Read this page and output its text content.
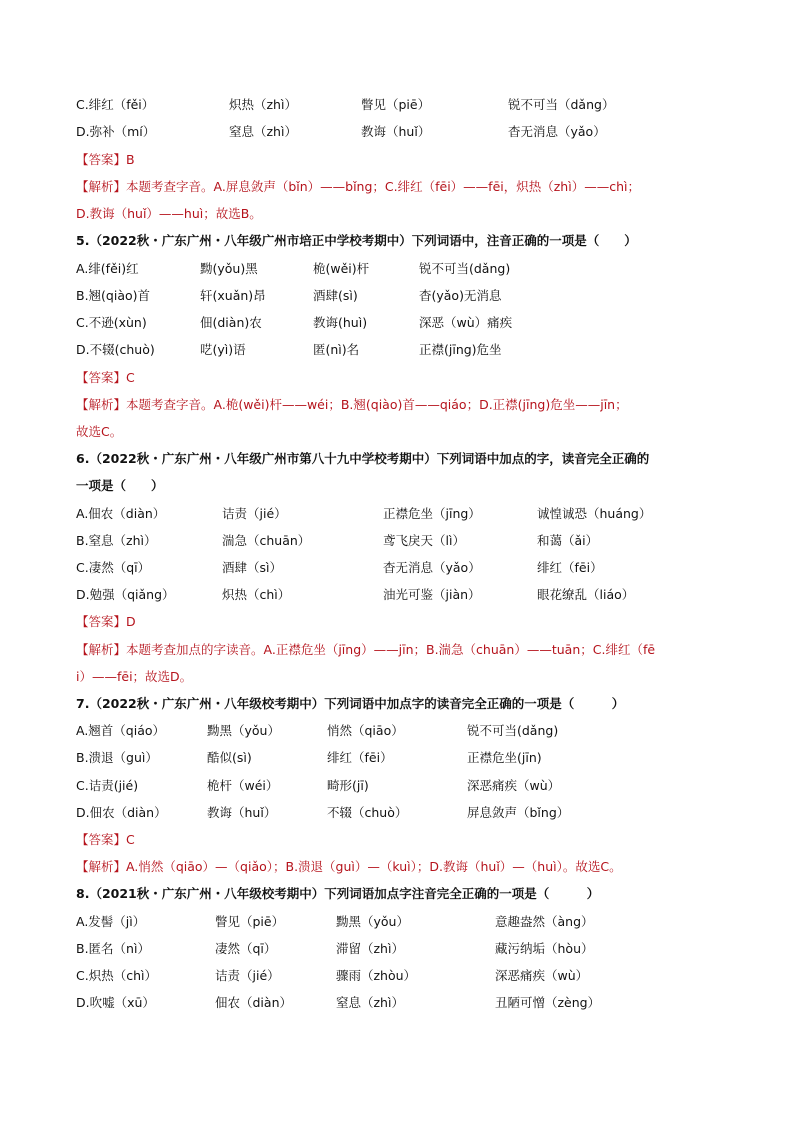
C.绯红（fěi）	炽热（zhì）	瞥见（piē）	锐不可当（dǎng）
D.弥补（mí）	窒息（zhì）	教诲（huǐ）	杳无消息（yǎo）
【答案】B
【解析】本题考查字音。A.屏息敛声（bǐn）——bǐng；C.绯红（fēi）——fēi，炽热（zhì）——chì；
D.教诲（huǐ）——huì；故选B。
5.（2022秋・广东广州・八年级广州市培正中学校考期中）下列词语中，注音正确的一项是（　　）
A.绯(fěi)红	黝(yǒu)黑	桅(wěi)杆	锐不可当(dǎng)
B.翘(qiào)首	轩(xuǎn)昂	酒肆(sì)	杳(yǎo)无消息
C.不逊(xùn)	佃(diàn)农	教诲(huì)	深恶（wù）痛疾
D.不辍(chuò)	呓(yì)语	匿(nì)名	正襟(jīng)危坐
【答案】C
【解析】本题考查字音。A.桅(wěi)杆——wéi；B.翘(qiào)首——qiáo；D.正襟(jīng)危坐——jīn；
故选C。
6.（2022秋・广东广州・八年级广州市第八十九中学校考期中）下列词语中加点的字，读音完全正确的
一项是（　　）
A.佃农（diàn）	诘责（jié）	正襟危坐（jīng）	诚惶诚恐（huáng）
B.窒息（zhì）	湍急（chuān）	鸢飞戾天（lì）	和蔼（ǎi）
C.凄然（qī）	酒肆（sì）	杳无消息（yǎo）	绯红（fēi）
D.勉强（qiǎng）	炽热（chì）	油光可鉴（jiàn）	眼花缭乱（liáo）
【答案】D
【解析】本题考查加点的字读音。A.正襟危坐（jīng）——jīn；B.湍急（chuān）——tuān；C.绯红（fē
i）——fēi；故选D。
7.（2022秋・广东广州・八年级校考期中）下列词语中加点字的读音完全正确的一项是（　　　）
A.翘首（qiáo）	黝黑（yǒu）	悄然（qiāo）	锐不可当(dǎng)
B.溃退（guì）	酷似(sì)	绯红（fēi）	正襟危坐(jīn)
C.诘责(jié)	桅杆（wéi）	畸形(jī)	深恶痛疾（wù）
D.佃农（diàn）	教诲（huǐ）	不辍（chuò）	屏息敛声（bǐng）
【答案】C
【解析】A.悄然（qiāo）—（qiǎo）；B.溃退（guì）—（kuì）；D.教诲（huǐ）—（huì）。故选C。
8.（2021秋・广东广州・八年级校考期中）下列词语加点字注音完全正确的一项是（　　　）
A.发髻（jì）	瞥见（piē）	黝黑（yǒu）	意趣盎然（àng）
B.匿名（nì）	凄然（qī）	滞留（zhì）	藏污纳垢（hòu）
C.炽热（chì）	诘责（jié）	骤雨（zhòu）	深恶痛疾（wù）
D.吹嘘（xū）	佃农（diàn）	窒息（zhì）	丑陋可憎（zèng）
